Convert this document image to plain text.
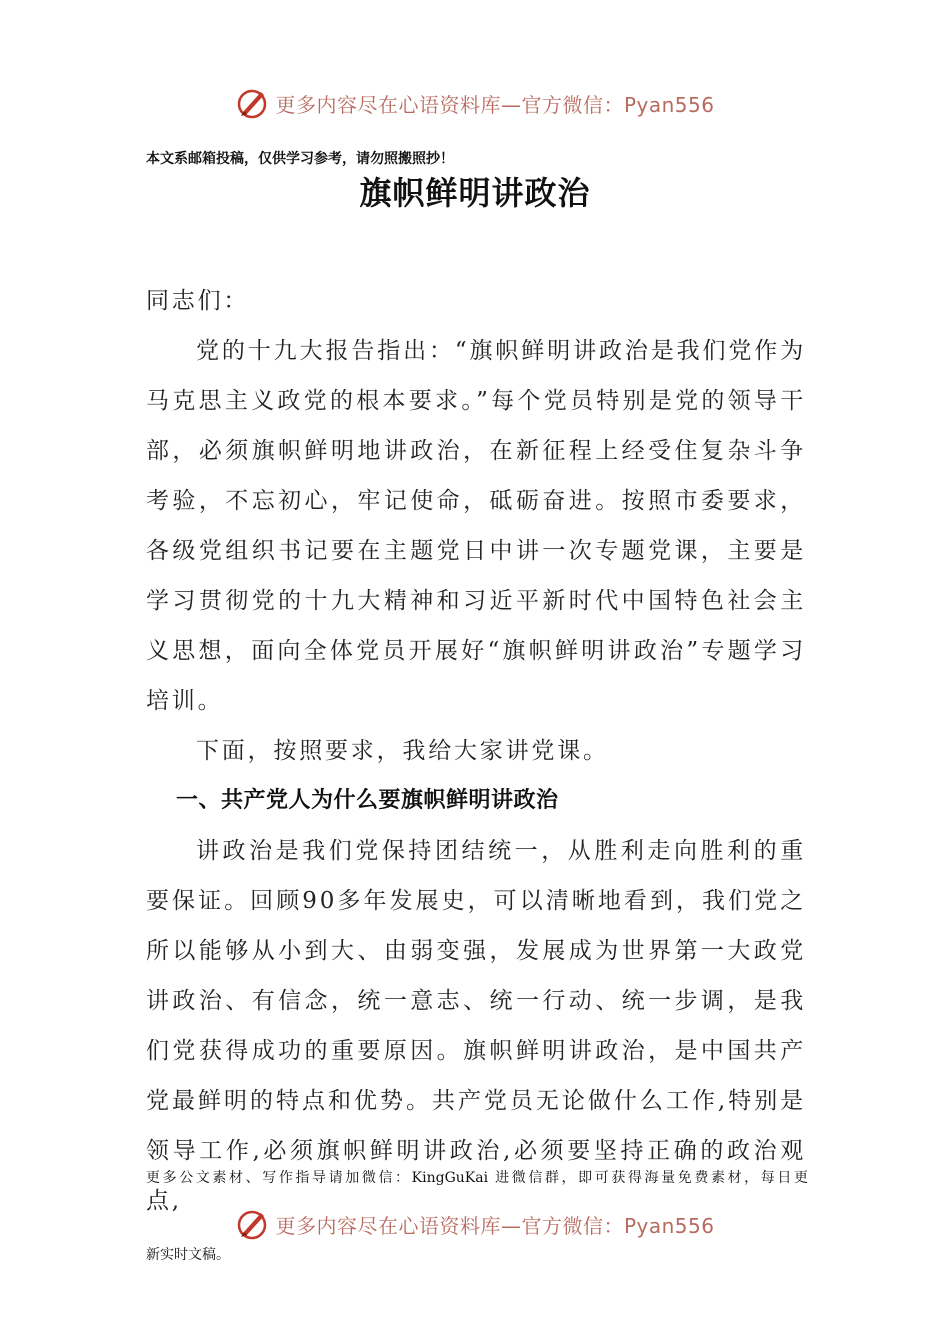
更多内容尽在心语资料库—官方微信：Pyan556
本文系邮箱投稿，仅供学习参考，请勿照搬照抄！
旗帜鲜明讲政治

同志们：

党的十九大报告指出：“旗帜鲜明讲政治是我们党作为马克思主义政党的根本要求。”每个党员特别是党的领导干部，必须旗帜鲜明地讲政治，在新征程上经受住复杂斗争考验，不忘初心，牢记使命，砥砺奋进。按照市委要求，各级党组织书记要在主题党日中讲一次专题党课，主要是学习贯彻党的十九大精神和习近平新时代中国特色社会主义思想，面向全体党员开展好“旗帜鲜明讲政治”专题学习培训。

下面，按照要求，我给大家讲党课。

一、共产党人为什么要旗帜鲜明讲政治

讲政治是我们党保持团结统一，从胜利走向胜利的重要保证。回顾90多年发展史，可以清晰地看到，我们党之所以能够从小到大、由弱变强，发展成为世界第一大政党讲政治、有信念，统一意志、统一行动、统一步调，是我们党获得成功的重要原因。旗帜鲜明讲政治，是中国共产党最鲜明的特点和优势。共产党员无论做什么工作,特别是领导工作,必须旗帜鲜明讲政治,必须要坚持正确的政治观点,

更多公文素材、写作指导请加微信：KingGuKai 进微信群，即可获得海量免费素材，每日更
更多内容尽在心语资料库—官方微信：Pyan556
新实时文稿。
